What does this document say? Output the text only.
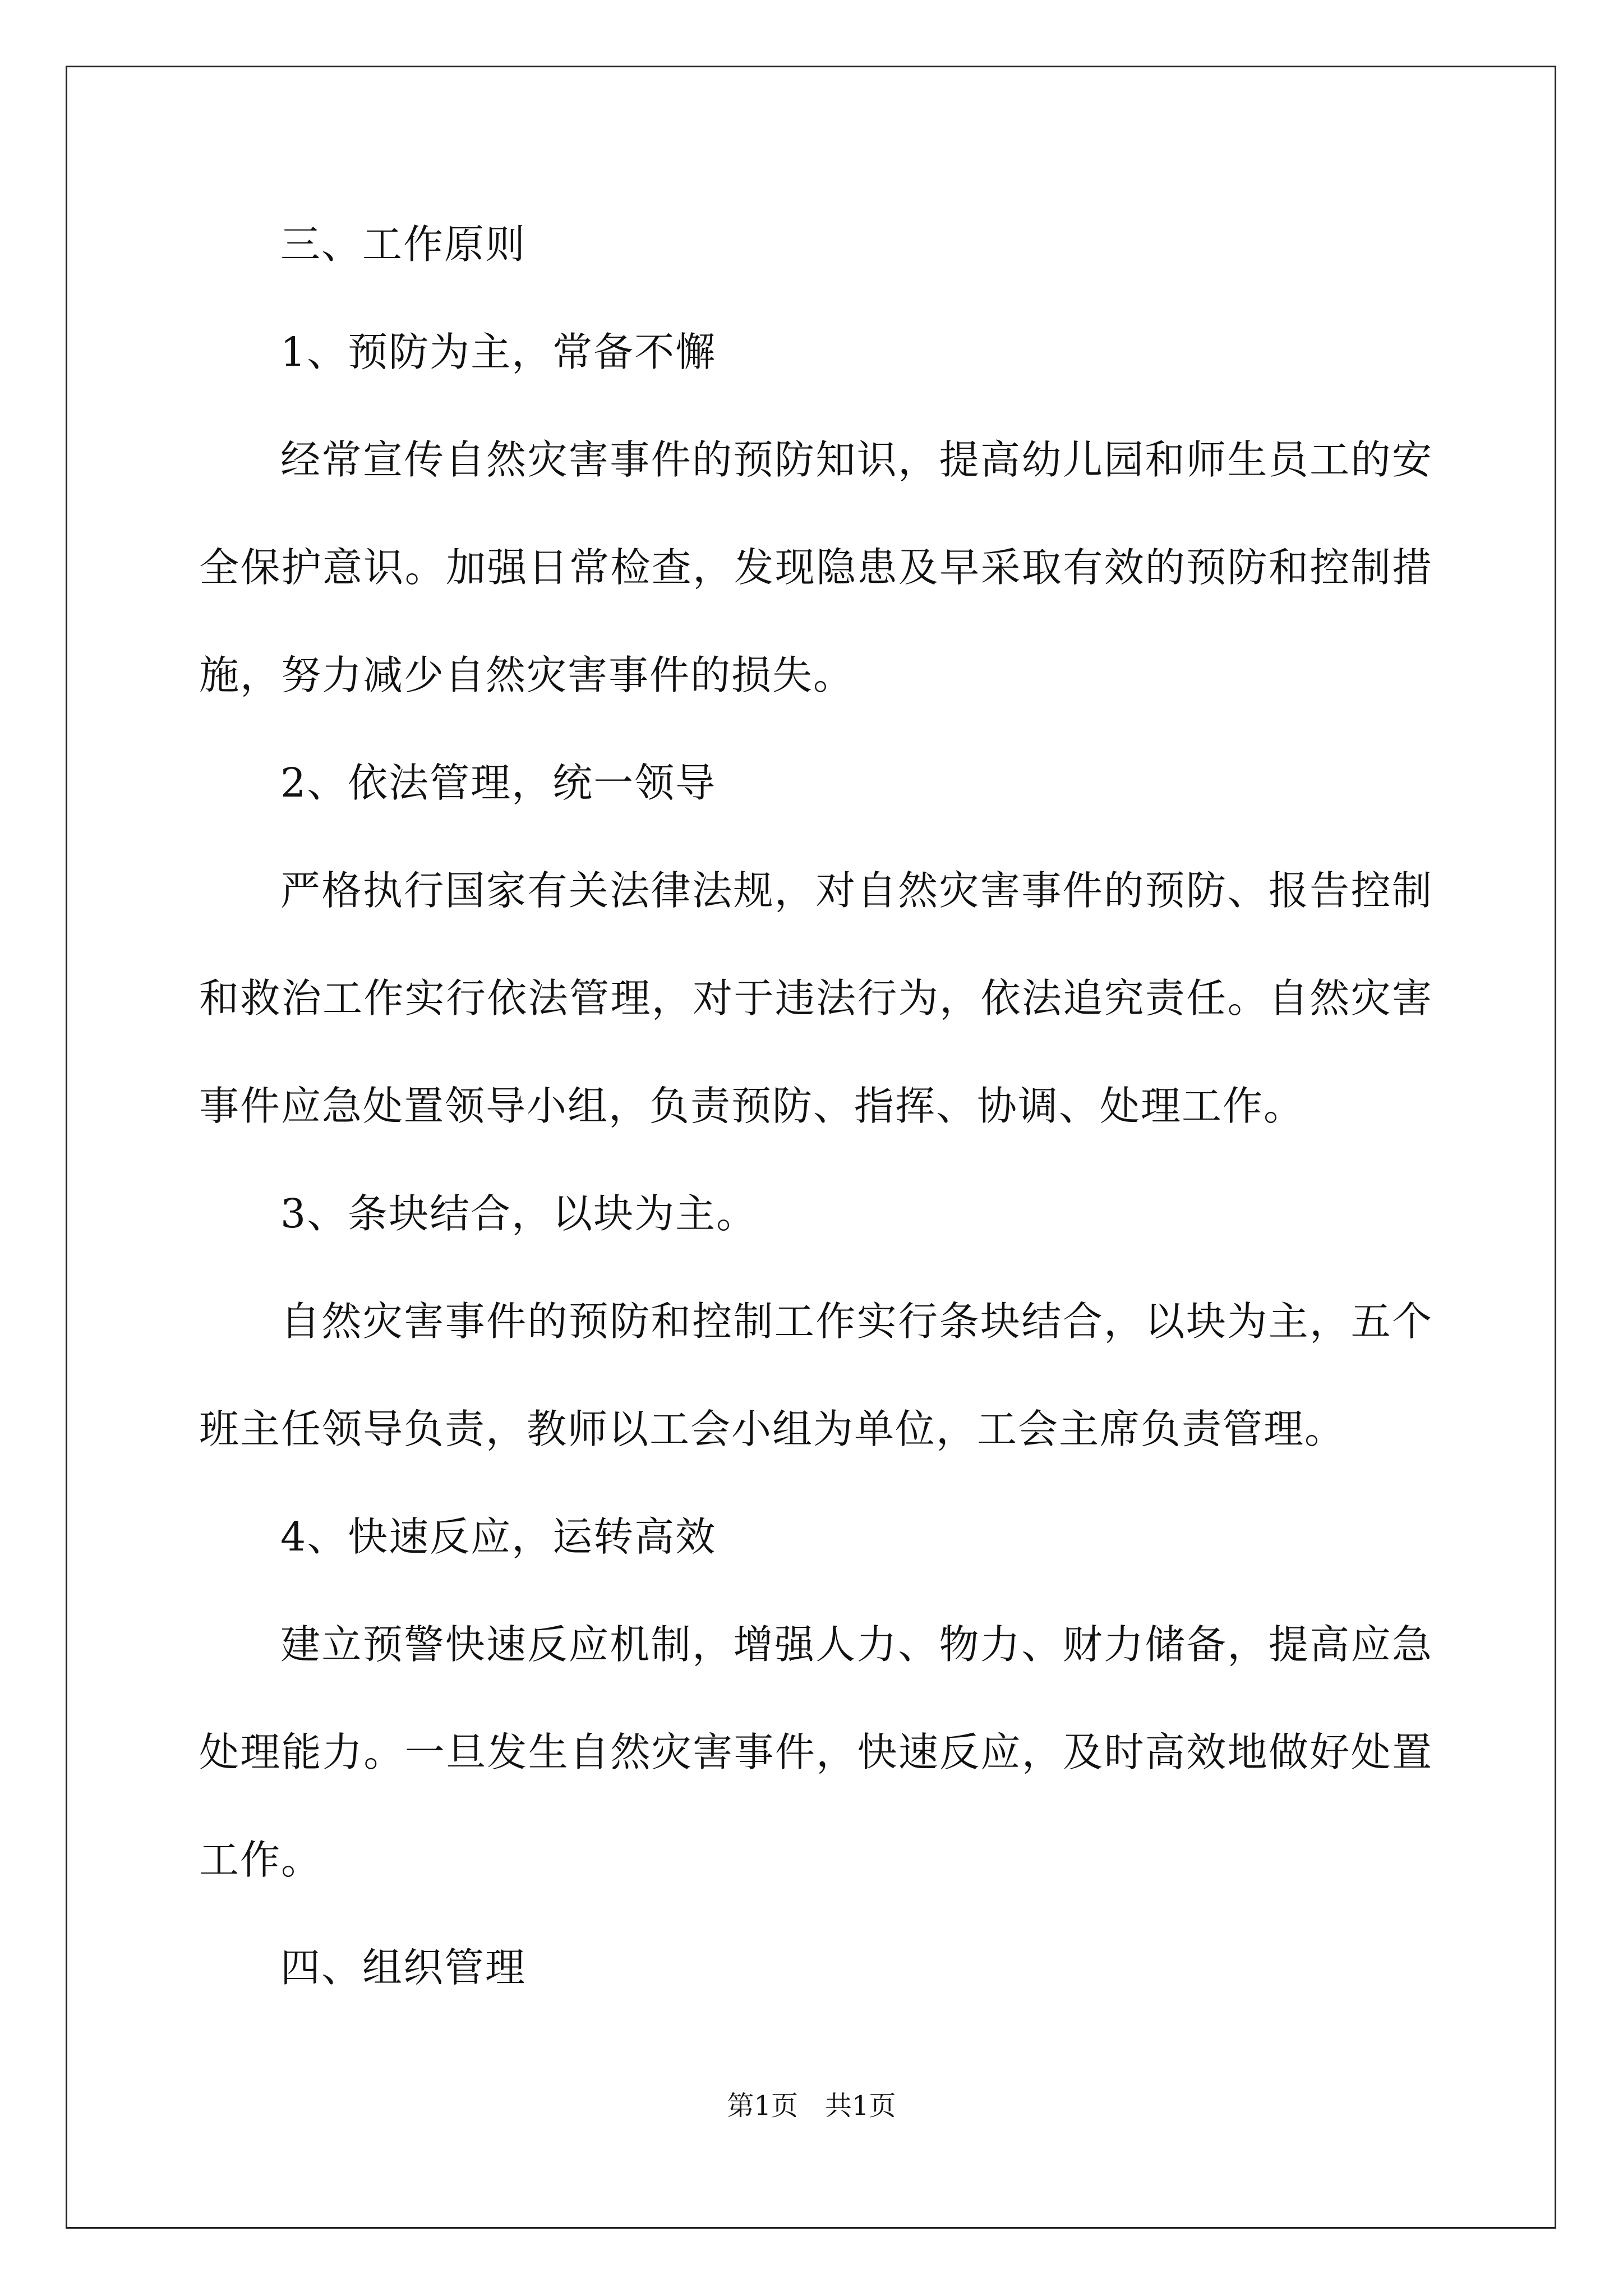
三、工作原则
1、预防为主，常备不懈
经常宣传自然灾害事件的预防知识，提高幼儿园和师生员工的安
全保护意识。加强日常检查，发现隐患及早采取有效的预防和控制措
施，努力减少自然灾害事件的损失。
2、依法管理，统一领导
严格执行国家有关法律法规，对自然灾害事件的预防、报告控制
和救治工作实行依法管理，对于违法行为，依法追究责任。自然灾害
事件应急处置领导小组，负责预防、指挥、协调、处理工作。
3、条块结合，以块为主。
自然灾害事件的预防和控制工作实行条块结合，以块为主，五个
班主任领导负责，教师以工会小组为单位，工会主席负责管理。
4、快速反应，运转高效
建立预警快速反应机制，增强人力、物力、财力储备，提高应急
处理能力。一旦发生自然灾害事件，快速反应，及时高效地做好处置
工作。
四、组织管理
第1页　共1页
